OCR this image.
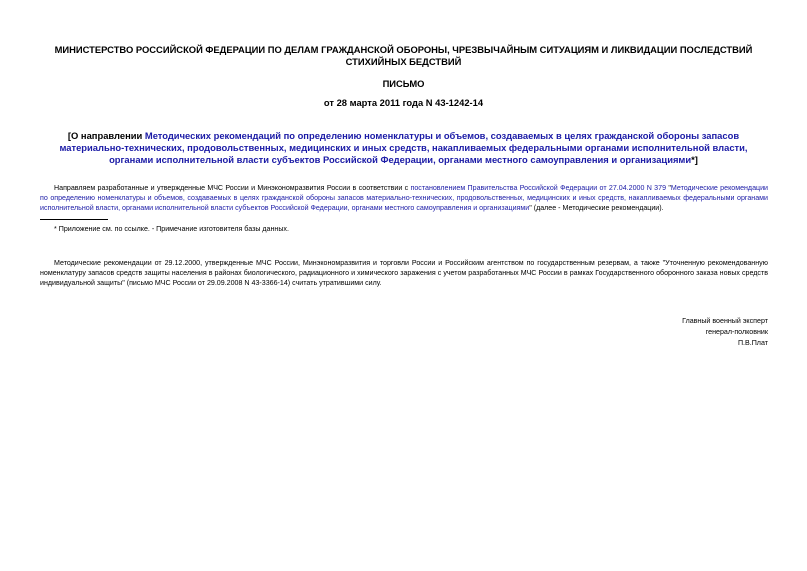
МИНИСТЕРСТВО РОССИЙСКОЙ ФЕДЕРАЦИИ ПО ДЕЛАМ ГРАЖДАНСКОЙ ОБОРОНЫ, ЧРЕЗВЫЧАЙНЫМ СИТУАЦИЯМ И ЛИКВИДАЦИИ ПОСЛЕДСТВИЙ СТИХИЙНЫХ БЕДСТВИЙ
ПИСЬМО
от 28 марта 2011 года N 43-1242-14
[О направлении Методических рекомендаций по определению номенклатуры и объемов, создаваемых в целях гражданской обороны запасов материально-технических, продовольственных, медицинских и иных средств, накапливаемых федеральными органами исполнительной власти, органами исполнительной власти субъектов Российской Федерации, органами местного самоуправления и организациями*]
Направляем разработанные и утвержденные МЧС России и Минэкономразвития России в соответствии с постановлением Правительства Российской Федерации от 27.04.2000 N 379 "Методические рекомендации по определению номенклатуры и объемов, создаваемых в целях гражданской обороны запасов материально-технических, продовольственных, медицинских и иных средств, накапливаемых федеральными органами исполнительной власти, органами исполнительной власти субъектов Российской Федерации, органами местного самоуправления и организациями" (далее - Методические рекомендации).
* Приложение см. по ссылке. - Примечание изготовителя базы данных.
Методические рекомендации от 29.12.2000, утвержденные МЧС России, Минэкономразвития и торговли России и Российским агентством по государственным резервам, а также "Уточненную рекомендованную номенклатуру запасов средств защиты населения в районах биологического, радиационного и химического заражения с учетом разработанных МЧС России в рамках Государственного оборонного заказа новых средств индивидуальной защиты" (письмо МЧС России от 29.09.2008 N 43-3366-14) считать утратившими силу.
Главный военный эксперт
генерал-полковник
П.В.Плат
